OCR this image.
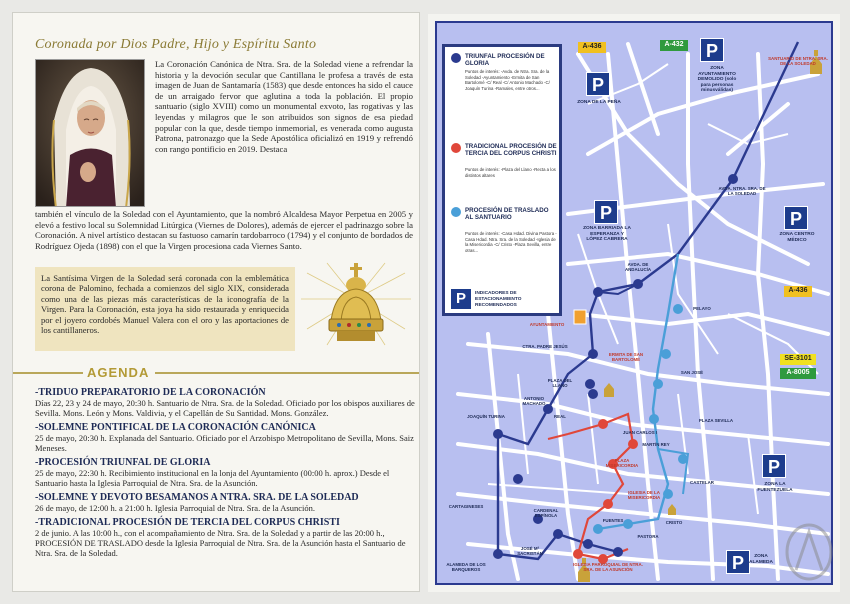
Coronada por Dios Padre, Hijo y Espíritu Santo
La Coronación Canónica de Ntra. Sra. de la Soledad viene a refrendar la historia y la devoción secular que Cantillana le profesa a través de esta imagen de Juan de Santamaría (1583) que desde entonces ha sido el cauce de un arraigado fervor que aglutina a toda la población. El propio santuario (siglo XVIII) como un monumental exvoto, las rogativas y las leyendas y milagros que le son atribuidos son signos de esa piedad popular con la que, desde tiempo inmemorial, es venerada como augusta Patrona, patronazgo que la Sede Apostólica oficializó en 1919 y refrendó con rango pontificio en 2019. Destaca
también el vínculo de la Soledad con el Ayuntamiento, que la nombró Alcaldesa Mayor Perpetua en 2005 y elevó a festivo local su Solemnidad Litúrgica (Viernes de Dolores), además de ejercer el padrinazgo sobre la Coronación. A nivel artístico destacan su fastuoso camarín tardobarroco (1794) y el conjunto de bordados de Rodríguez Ojeda (1898) con el que la Virgen procesiona cada Viernes Santo.
La Santísima Virgen de la Soledad será coronada con la emblemática corona de Palomino, fechada a comienzos del siglo XIX, considerada como una de las piezas más características de la iconografía de la Virgen. Para la Coronación, esta joya ha sido restaurada y enriquecida por el joyero cordobés Manuel Valera con el oro y las aportaciones de los cantillaneros.
AGENDA
-TRIDUO PREPARATORIO DE LA CORONACIÓN
Días 22, 23 y 24 de mayo, 20:30 h. Santuario de Ntra. Sra. de la Soledad. Oficiado por los obispos auxiliares de Sevilla. Mons. León y Mons. Valdivia, y el Capellán de Su Santidad. Mons. González.
-SOLEMNE PONTIFICAL DE LA CORONACIÓN CANÓNICA
25 de mayo, 20:30 h. Explanada del Santuario. Oficiado por el Arzobispo Metropolitano de Sevilla, Mons. Saiz Meneses.
-PROCESIÓN TRIUNFAL DE GLORIA
25 de mayo, 22:30 h. Recibimiento institucional en la lonja del Ayuntamiento (00:00 h. aprox.) Desde el Santuario hasta la Iglesia Parroquial de Ntra. Sra. de la Asunción.
-SOLEMNE Y DEVOTO BESAMANOS A NTRA. SRA. DE LA SOLEDAD
26 de mayo, de 12:00 h. a 21:00 h. Iglesia Parroquial de Ntra. Sra. de la Asunción.
-TRADICIONAL PROCESIÓN DE TERCIA DEL CORPUS CHRISTI
2 de junio. A las 10:00 h., con el acompañamiento de Ntra. Sra. de la Soledad y a partir de las 20:00 h., PROCESIÓN DE TRASLADO desde la Iglesia Parroquial de Ntra. Sra. de la Asunción hasta el Santuario de Ntra. Sra. de la Soledad.
TRIUNFAL PROCESIÓN DE GLORIA
Puntos de interés: -Avda. de Ntra. Sra. de la Soledad -Ayuntamiento -Ermita de San Bartolomé -C/ Real -C/ Antonio Machado -C/ Joaquín Turina -Ramales, entre otros...
TRADICIONAL PROCESIÓN DE TERCIA DEL CORPUS CHRISTI
Puntos de interés: -Plaza del Llano -Recta a los distintos altares
PROCESIÓN DE TRASLADO AL SANTUARIO
Puntos de interés: -Casa Hdad. Divina Pastora -Casa Hdad. Ntra. Sra. de la Soledad -Iglesia de la Misericordia -C/ Cristo -Plaza Sevilla, entre otras...
P	INDICADORES DE ESTACIONAMIENTO RECOMENDADOS
A-436	A-432
A-436
SE-3101
A-8005
P
ZONA AYUNTAMIENTO DEMOLIDO (solo para personas minusválidas)
P
ZONA DE LA PEÑA
P
ZONA BARRIADA LA ESPERANZA Y LÓPEZ CABRERA
P
ZONA CENTRO MÉDICO
P
ZONA LA FUENTEZUELA
P	ZONA ALAMEDA
SANTUARIO DE NTRA. SRA. DE LA SOLEDAD
AVDA. NTRA. SRA. DE LA SOLEDAD
AVDA. DE ANDALUCÍA
AYUNTAMIENTO
CTRA. PADRE JESÚS
PLAZA DEL LLANO
ERMITA DE SAN BARTOLOMÉ
PELAYO
SAN JOSÉ
ANTONIO MACHADO
JOAQUÍN TURINA	REAL
PLAZA SEVILLA
JUAN CARLOS I
MARTÍN REY
PLAZA MISERICORDIA
CASTELAR
CRISTO
CARTAGINESES
CARDENAL ESPÍNOLA
FUENTES
PASTORA
IGLESIA PARROQUIAL DE NTRA. SRA. DE LA ASUNCIÓN
ALAMEDA DE LOS BARQUEROS
JOSÉ Mª SACRISTÁN
IGLESIA DE LA MISERICORDIA
